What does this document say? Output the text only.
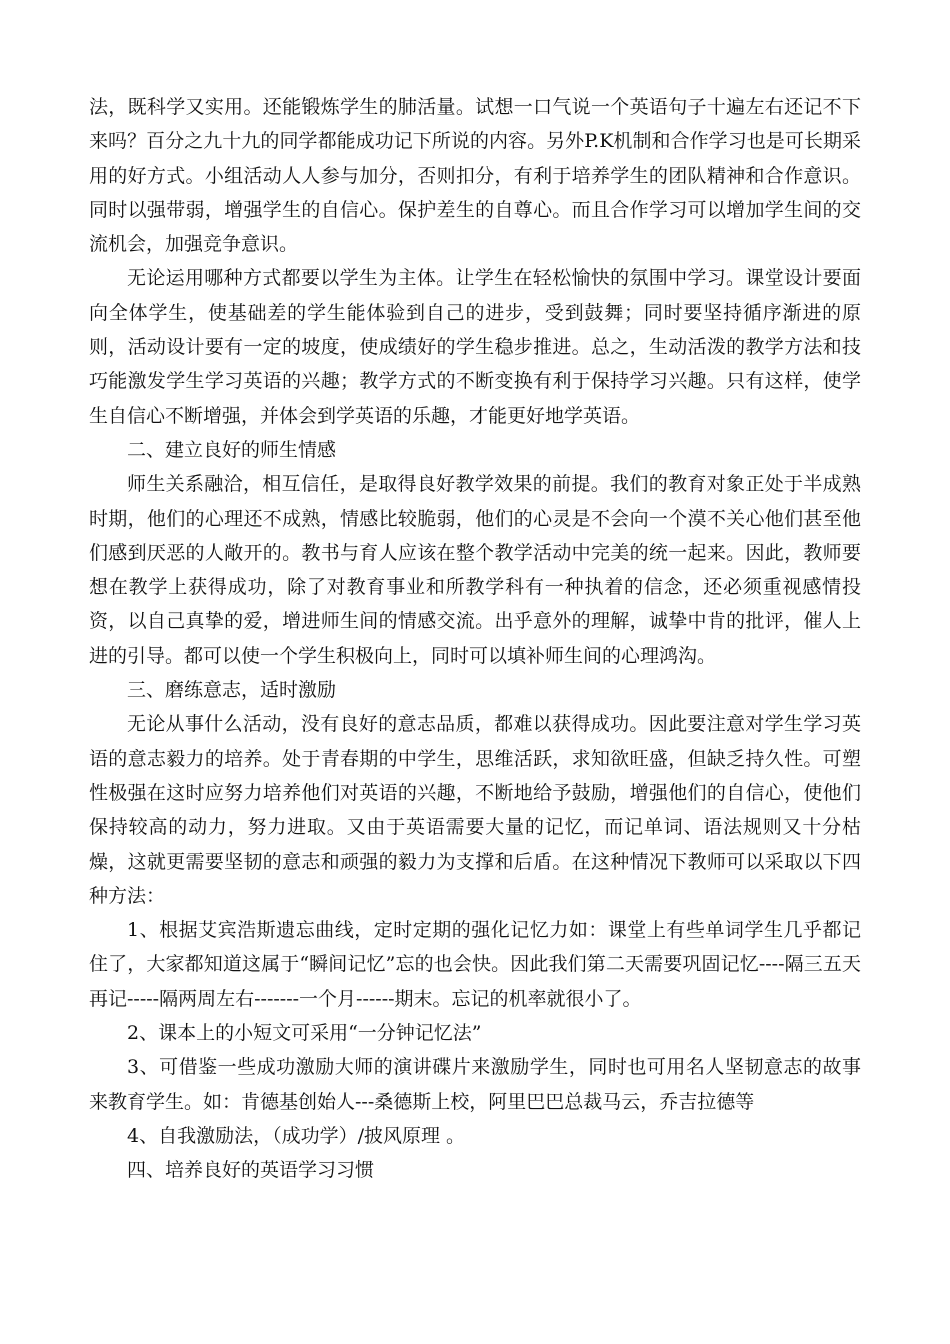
法，既科学又实用。还能锻炼学生的肺活量。试想一口气说一个英语句子十遍左右还记不下来吗？百分之九十九的同学都能成功记下所说的内容。另外P.K机制和合作学习也是可长期采用的好方式。小组活动人人参与加分，否则扣分，有利于培养学生的团队精神和合作意识。同时以强带弱，增强学生的自信心。保护差生的自尊心。而且合作学习可以增加学生间的交流机会，加强竞争意识。

无论运用哪种方式都要以学生为主体。让学生在轻松愉快的氛围中学习。课堂设计要面向全体学生，使基础差的学生能体验到自己的进步，受到鼓舞；同时要坚持循序渐进的原则，活动设计要有一定的坡度，使成绩好的学生稳步推进。总之，生动活泼的教学方法和技巧能激发学生学习英语的兴趣；教学方式的不断变换有利于保持学习兴趣。只有这样，使学生自信心不断增强，并体会到学英语的乐趣，才能更好地学英语。

二、建立良好的师生情感

师生关系融洽，相互信任，是取得良好教学效果的前提。我们的教育对象正处于半成熟时期，他们的心理还不成熟，情感比较脆弱，他们的心灵是不会向一个漠不关心他们甚至他们感到厌恶的人敞开的。教书与育人应该在整个教学活动中完美的统一起来。因此，教师要想在教学上获得成功，除了对教育事业和所教学科有一种执着的信念，还必须重视感情投资，以自己真挚的爱，增进师生间的情感交流。出乎意外的理解，诚挚中肯的批评，催人上进的引导。都可以使一个学生积极向上，同时可以填补师生间的心理鸿沟。

三、磨练意志，适时激励

无论从事什么活动，没有良好的意志品质，都难以获得成功。因此要注意对学生学习英语的意志毅力的培养。处于青春期的中学生，思维活跃，求知欲旺盛，但缺乏持久性。可塑性极强在这时应努力培养他们对英语的兴趣，不断地给予鼓励，增强他们的自信心，使他们保持较高的动力，努力进取。又由于英语需要大量的记忆，而记单词、语法规则又十分枯燥，这就更需要坚韧的意志和顽强的毅力为支撑和后盾。在这种情况下教师可以采取以下四种方法：

1、根据艾宾浩斯遗忘曲线，定时定期的强化记忆力如：课堂上有些单词学生几乎都记住了，大家都知道这属于“瞬间记忆”忘的也会快。因此我们第二天需要巩固记忆----隔三五天再记-----隔两周左右-------一个月------期末。忘记的机率就很小了。

2、课本上的小短文可采用“一分钟记忆法”

3、可借鉴一些成功激励大师的演讲碟片来激励学生，同时也可用名人坚韧意志的故事来教育学生。如：肯德基创始人---桑德斯上校，阿里巴巴总裁马云，乔吉拉德等

4、自我激励法，（成功学）/披风原理 。

四、培养良好的英语学习习惯
